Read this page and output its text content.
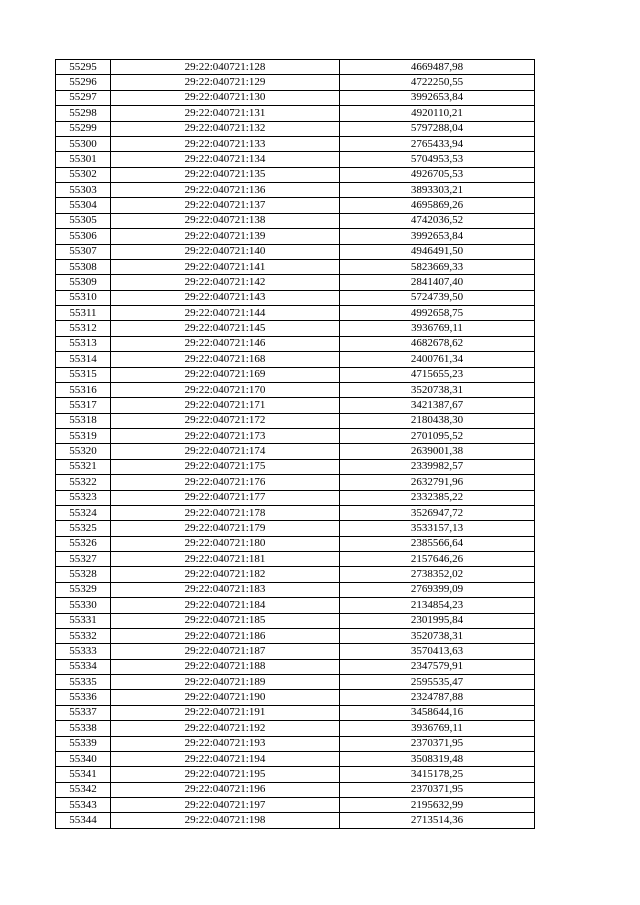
55295	29:22:040721:128	4669487,98
55296	29:22:040721:129	4722250,55
55297	29:22:040721:130	3992653,84
55298	29:22:040721:131	4920110,21
55299	29:22:040721:132	5797288,04
55300	29:22:040721:133	2765433,94
55301	29:22:040721:134	5704953,53
55302	29:22:040721:135	4926705,53
55303	29:22:040721:136	3893303,21
55304	29:22:040721:137	4695869,26
55305	29:22:040721:138	4742036,52
55306	29:22:040721:139	3992653,84
55307	29:22:040721:140	4946491,50
55308	29:22:040721:141	5823669,33
55309	29:22:040721:142	2841407,40
55310	29:22:040721:143	5724739,50
55311	29:22:040721:144	4992658,75
55312	29:22:040721:145	3936769,11
55313	29:22:040721:146	4682678,62
55314	29:22:040721:168	2400761,34
55315	29:22:040721:169	4715655,23
55316	29:22:040721:170	3520738,31
55317	29:22:040721:171	3421387,67
55318	29:22:040721:172	2180438,30
55319	29:22:040721:173	2701095,52
55320	29:22:040721:174	2639001,38
55321	29:22:040721:175	2339982,57
55322	29:22:040721:176	2632791,96
55323	29:22:040721:177	2332385,22
55324	29:22:040721:178	3526947,72
55325	29:22:040721:179	3533157,13
55326	29:22:040721:180	2385566,64
55327	29:22:040721:181	2157646,26
55328	29:22:040721:182	2738352,02
55329	29:22:040721:183	2769399,09
55330	29:22:040721:184	2134854,23
55331	29:22:040721:185	2301995,84
55332	29:22:040721:186	3520738,31
55333	29:22:040721:187	3570413,63
55334	29:22:040721:188	2347579,91
55335	29:22:040721:189	2595535,47
55336	29:22:040721:190	2324787,88
55337	29:22:040721:191	3458644,16
55338	29:22:040721:192	3936769,11
55339	29:22:040721:193	2370371,95
55340	29:22:040721:194	3508319,48
55341	29:22:040721:195	3415178,25
55342	29:22:040721:196	2370371,95
55343	29:22:040721:197	2195632,99
55344	29:22:040721:198	2713514,36
